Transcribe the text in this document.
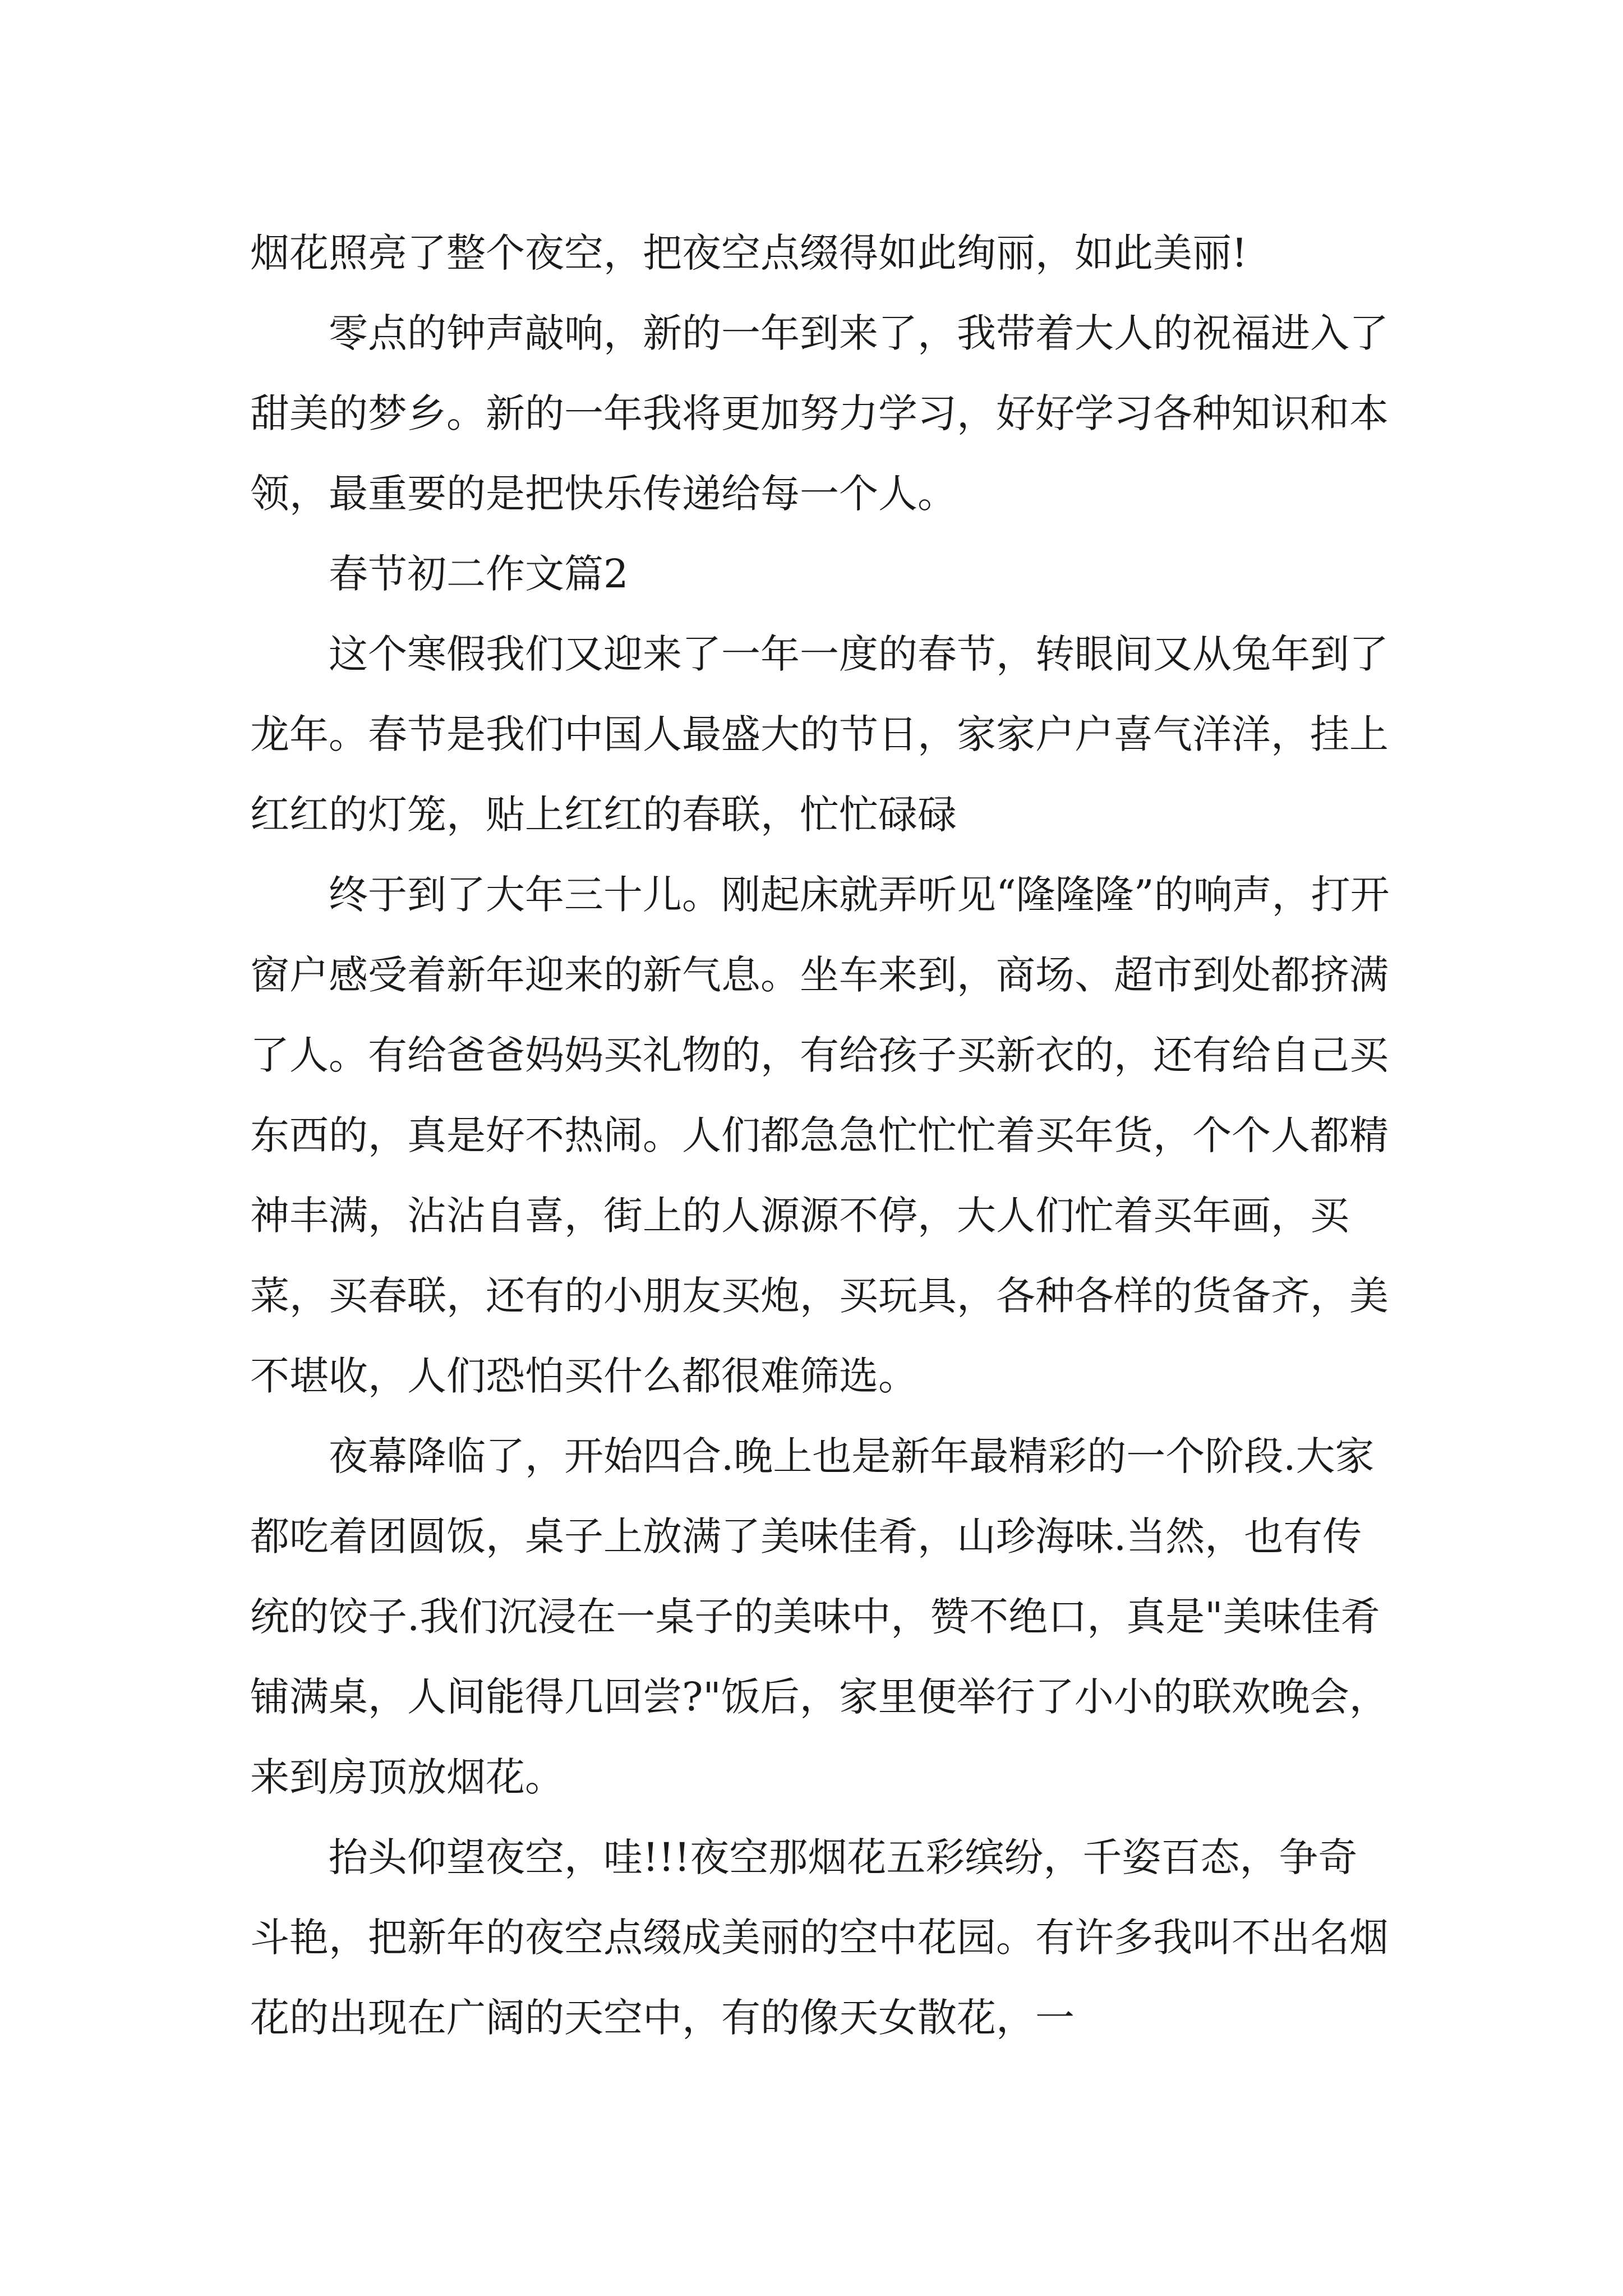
烟花照亮了整个夜空，把夜空点缀得如此绚丽，如此美丽!

零点的钟声敲响，新的一年到来了，我带着大人的祝福进入了甜美的梦乡。新的一年我将更加努力学习，好好学习各种知识和本领，最重要的是把快乐传递给每一个人。

春节初二作文篇2

这个寒假我们又迎来了一年一度的春节，转眼间又从兔年到了龙年。春节是我们中国人最盛大的节日，家家户户喜气洋洋，挂上红红的灯笼，贴上红红的春联，忙忙碌碌

终于到了大年三十儿。刚起床就弄听见“隆隆隆”的响声，打开窗户感受着新年迎来的新气息。坐车来到，商场、超市到处都挤满了人。有给爸爸妈妈买礼物的，有给孩子买新衣的，还有给自己买东西的，真是好不热闹。人们都急急忙忙忙着买年货，个个人都精神丰满，沾沾自喜，街上的人源源不停，大人们忙着买年画，买菜，买春联，还有的小朋友买炮，买玩具，各种各样的货备齐，美不堪收，人们恐怕买什么都很难筛选。

夜幕降临了，开始四合.晚上也是新年最精彩的一个阶段.大家都吃着团圆饭，桌子上放满了美味佳肴，山珍海味.当然，也有传统的饺子.我们沉浸在一桌子的美味中，赞不绝口，真是"美味佳肴铺满桌，人间能得几回尝?"饭后，家里便举行了小小的联欢晚会，来到房顶放烟花。

抬头仰望夜空，哇!!!夜空那烟花五彩缤纷，千姿百态，争奇斗艳，把新年的夜空点缀成美丽的空中花园。有许多我叫不出名烟花的出现在广阔的天空中，有的像天女散花，一
